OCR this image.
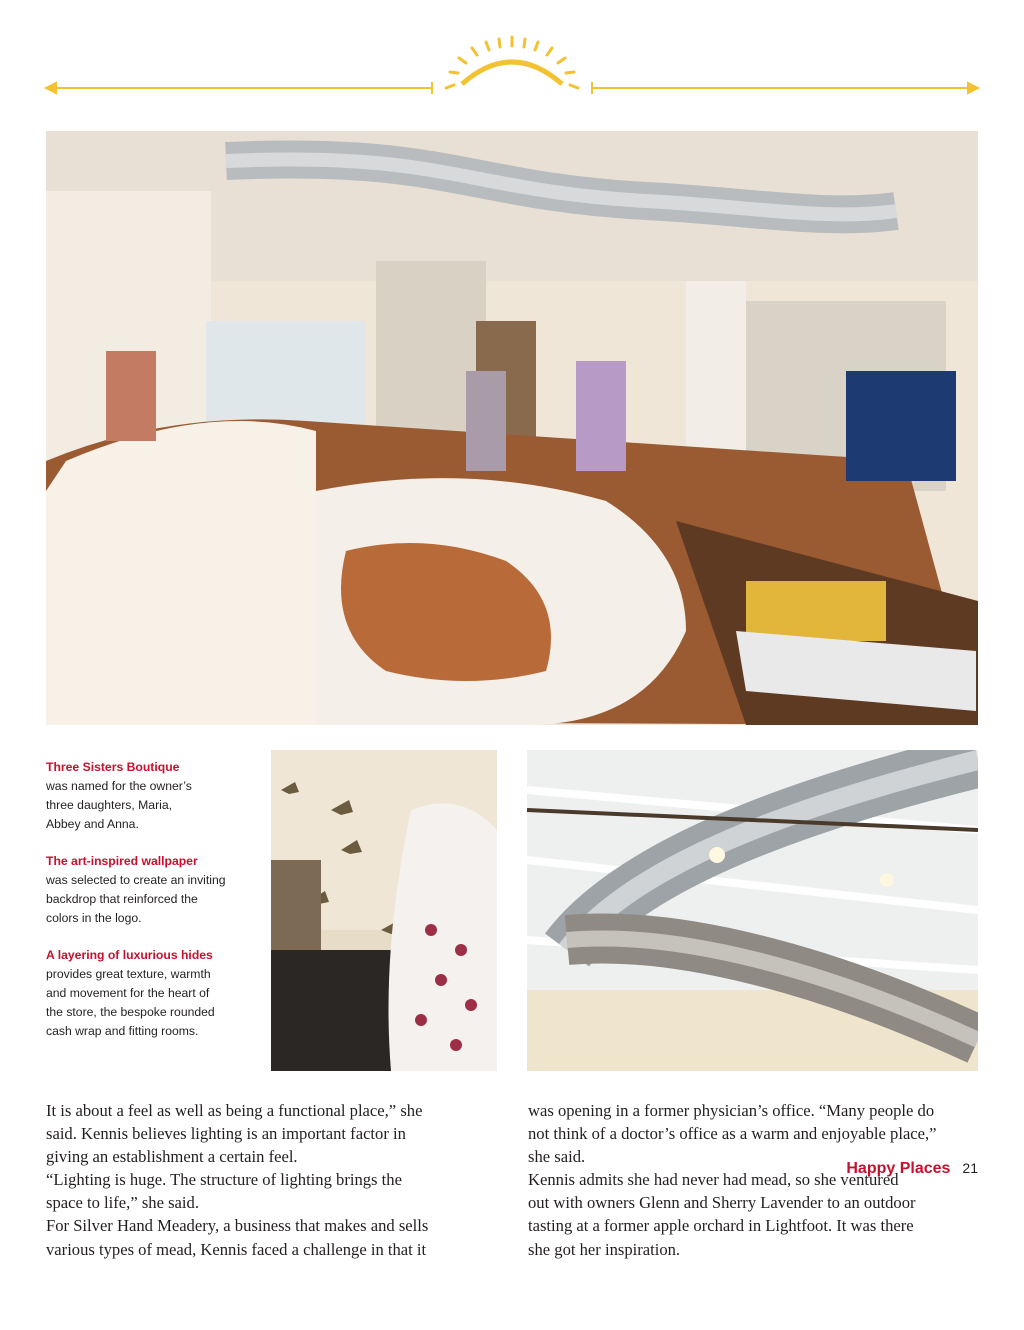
Three Sisters Boutique
was named for the owner’s
three daughters, Maria,
Abbey and Anna.

The art-inspired wallpaper
was selected to create an inviting
backdrop that reinforced the
colors in the logo.

A layering of luxurious hides
provides great texture, warmth
and movement for the heart of
the store, the bespoke rounded
cash wrap and fitting rooms.

It is about a feel as well as being a functional place,” she
said. Kennis believes lighting is an important factor in
giving an establishment a certain feel.
“Lighting is huge. The structure of lighting brings the
space to life,” she said.
For Silver Hand Meadery, a business that makes and sells
various types of mead, Kennis faced a challenge in that it
was opening in a former physician’s office. “Many people do
not think of a doctor’s office as a warm and enjoyable place,”
she said.
Kennis admits she had never had mead, so she ventured
out with owners Glenn and Sherry Lavender to an outdoor
tasting at a former apple orchard in Lightfoot. It was there
she got her inspiration.
Happy Places 21
